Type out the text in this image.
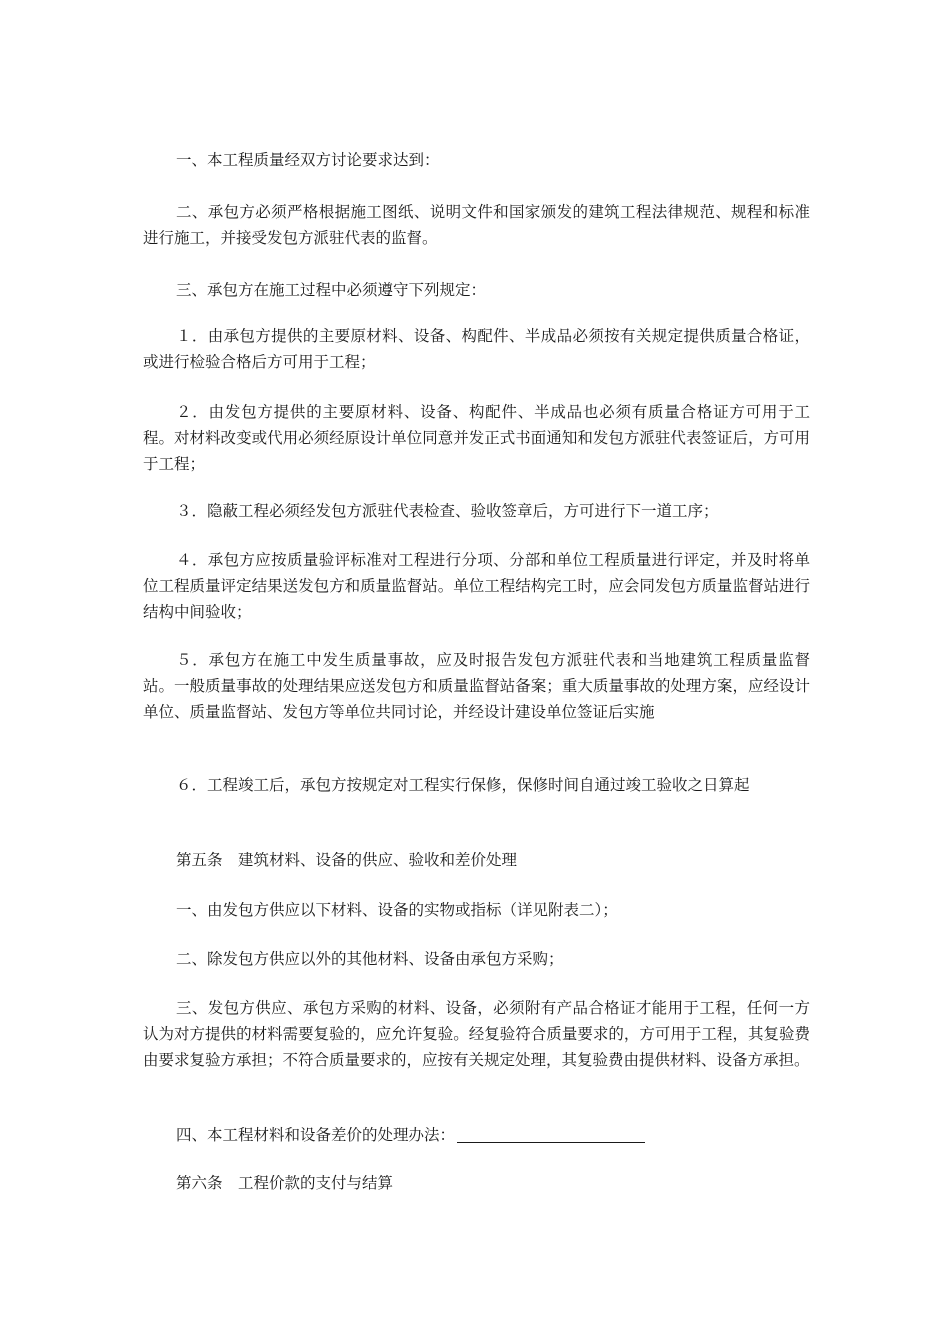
一、本工程质量经双方讨论要求达到：

二、承包方必须严格根据施工图纸、说明文件和国家颁发的建筑工程法律规范、规程和标准进行施工，并接受发包方派驻代表的监督。

三、承包方在施工过程中必须遵守下列规定：

１．由承包方提供的主要原材料、设备、构配件、半成品必须按有关规定提供质量合格证，或进行检验合格后方可用于工程；

２．由发包方提供的主要原材料、设备、构配件、半成品也必须有质量合格证方可用于工程。对材料改变或代用必须经原设计单位同意并发正式书面通知和发包方派驻代表签证后，方可用于工程；

３．隐蔽工程必须经发包方派驻代表检查、验收签章后，方可进行下一道工序；

４．承包方应按质量验评标准对工程进行分项、分部和单位工程质量进行评定，并及时将单位工程质量评定结果送发包方和质量监督站。单位工程结构完工时，应会同发包方质量监督站进行结构中间验收；

５．承包方在施工中发生质量事故，应及时报告发包方派驻代表和当地建筑工程质量监督站。一般质量事故的处理结果应送发包方和质量监督站备案；重大质量事故的处理方案，应经设计单位、质量监督站、发包方等单位共同讨论，并经设计建设单位签证后实施

６．工程竣工后，承包方按规定对工程实行保修，保修时间自通过竣工验收之日算起

第五条　建筑材料、设备的供应、验收和差价处理

一、由发包方供应以下材料、设备的实物或指标（详见附表二）；

二、除发包方供应以外的其他材料、设备由承包方采购；

三、发包方供应、承包方采购的材料、设备，必须附有产品合格证才能用于工程，任何一方认为对方提供的材料需要复验的，应允许复验。经复验符合质量要求的，方可用于工程，其复验费由要求复验方承担；不符合质量要求的，应按有关规定处理，其复验费由提供材料、设备方承担。

四、本工程材料和设备差价的处理办法：

第六条　工程价款的支付与结算
